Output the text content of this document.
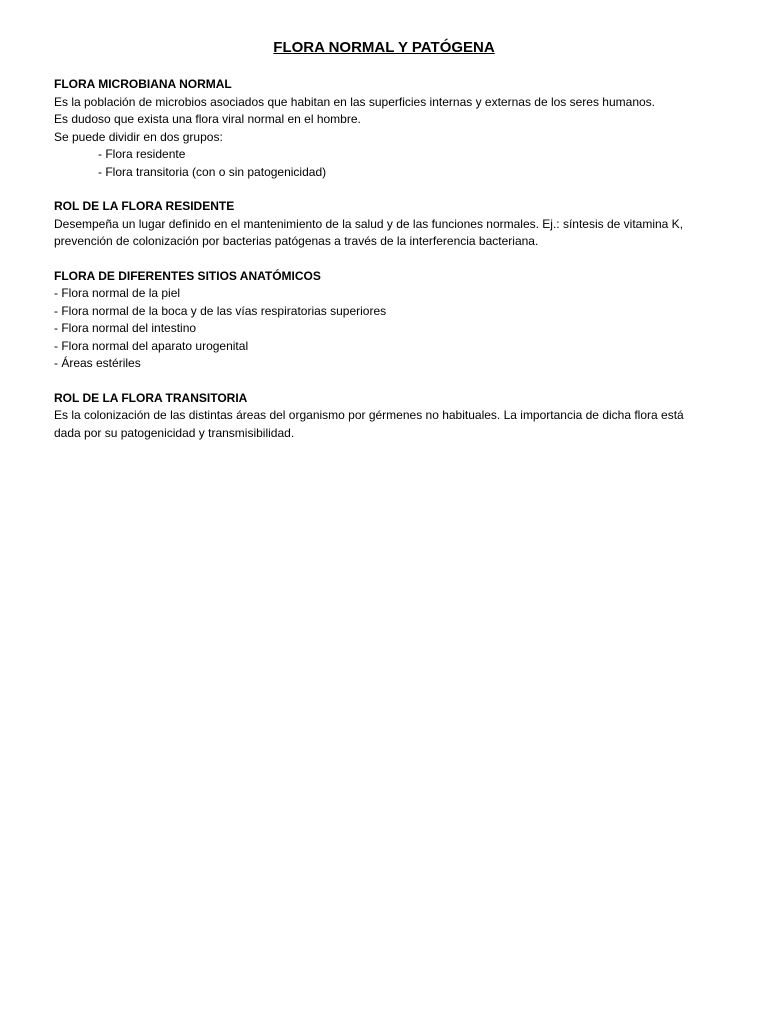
FLORA NORMAL Y PATÓGENA

FLORA MICROBIANA NORMAL

Es la población de microbios asociados que habitan en las superficies internas y externas de los seres humanos.

Es dudoso que exista una flora viral normal en el hombre.

Se puede dividir en dos grupos:

- Flora residente

- Flora transitoria (con o sin patogenicidad)

ROL DE LA FLORA RESIDENTE

Desempeña un lugar definido en el mantenimiento de la salud y de las funciones normales. Ej.: síntesis de vitamina K,

prevención de colonización por bacterias patógenas a través de la interferencia bacteriana.

FLORA DE DIFERENTES SITIOS ANATÓMICOS

- Flora normal de la piel

- Flora normal de la boca y de las vías respiratorias superiores

- Flora normal del intestino

- Flora normal del aparato urogenital

- Áreas estériles

ROL DE LA FLORA TRANSITORIA

Es la colonización de las distintas áreas del organismo por gérmenes no habituales. La importancia de dicha flora está

dada por su patogenicidad y transmisibilidad.
